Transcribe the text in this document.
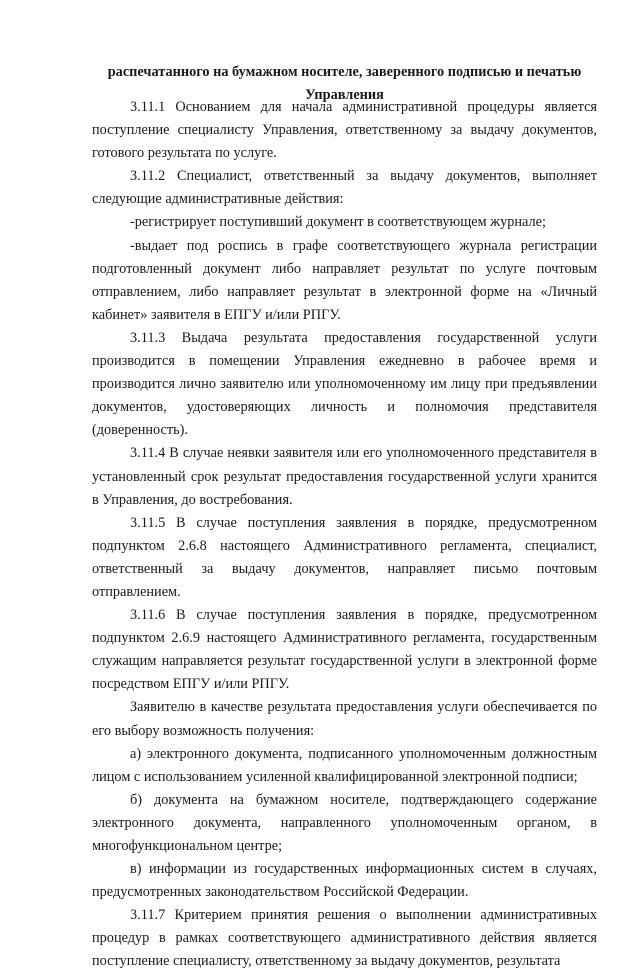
распечатанного на бумажном носителе, заверенного подписью и печатью
Управления

3.11.1 Основанием для начала административной процедуры является поступление специалисту Управления, ответственному за выдачу документов, готового результата по услуге.

3.11.2 Специалист, ответственный за выдачу документов, выполняет следующие административные действия:

-регистрирует поступивший документ в соответствующем журнале;

-выдает под роспись в графе соответствующего журнала регистрации подготовленный документ либо направляет результат по услуге почтовым отправлением, либо направляет результат в электронной форме на «Личный кабинет» заявителя в ЕПГУ и/или РПГУ.

3.11.3 Выдача результата предоставления государственной услуги производится в помещении Управления ежедневно в рабочее время и производится лично заявителю или уполномоченному им лицу при предъявлении документов, удостоверяющих личность и полномочия представителя (доверенность).

3.11.4 В случае неявки заявителя или его уполномоченного представителя в установленный срок результат предоставления государственной услуги хранится в Управления, до востребования.

3.11.5 В случае поступления заявления в порядке, предусмотренном подпунктом 2.6.8 настоящего Административного регламента, специалист, ответственный за выдачу документов, направляет письмо почтовым отправлением.

3.11.6 В случае поступления заявления в порядке, предусмотренном подпунктом 2.6.9 настоящего Административного регламента, государственным служащим направляется результат государственной услуги в электронной форме посредством ЕПГУ и/или РПГУ.

Заявителю в качестве результата предоставления услуги обеспечивается по его выбору возможность получения:

а) электронного документа, подписанного уполномоченным должностным лицом с использованием усиленной квалифицированной электронной подписи;

б) документа на бумажном носителе, подтверждающего содержание электронного документа, направленного уполномоченным органом, в многофункциональном центре;

в) информации из государственных информационных систем в случаях, предусмотренных законодательством Российской Федерации.

3.11.7 Критерием принятия решения о выполнении административных процедур в рамках соответствующего административного действия является поступление специалисту, ответственному за выдачу документов, результата
